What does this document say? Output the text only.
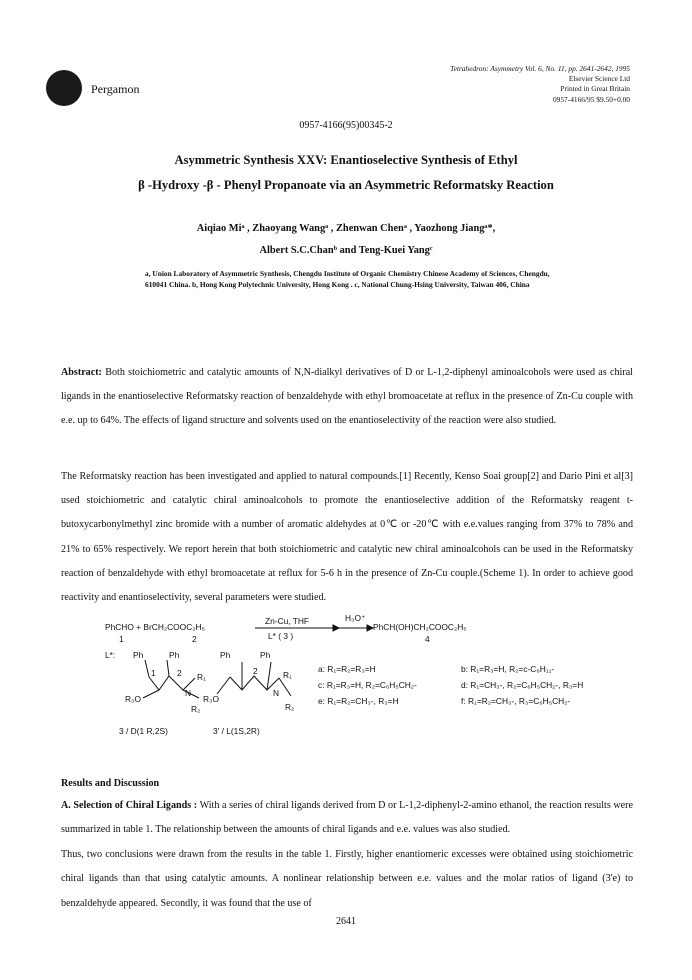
Pergamon
Tetrahedron: Asymmetry Vol. 6, No. 11, pp. 2641-2642, 1995
Elsevier Science Ltd
Printed in Great Britain
0957-4166/95 $9.50+0.00
0957-4166(95)00345-2
Asymmetric Synthesis XXV: Enantioselective Synthesis of Ethyl
β -Hydroxy -β - Phenyl Propanoate via an Asymmetric Reformatsky Reaction
Aiqiao Miᵃ , Zhaoyang Wangᵃ , Zhenwan Chenᵃ , Yaozhong Jiangᵃ*,
Albert S.C.Chanᵇ and Teng-Kuei Yangᶜ
a, Union Laboratory of Asymmetric Synthesis, Chengdu Institute of Organic Chemistry Chinese Academy of Sciences, Chengdu, 610041 China. b, Hong Kong Polytechnic University, Hong Kong . c, National Chung-Hsing University, Taiwan 406, China
Abstract: Both stoichiometric and catalytic amounts of N,N-dialkyl derivatives of D or L-1,2-diphenyl aminoalcohols were used as chiral ligands in the enantioselective Reformatsky reaction of benzaldehyde with ethyl bromoacetate at reflux in the presence of Zn-Cu couple with e.e. up to 64%. The effects of ligand structure and solvents used on the enantioselectivity of the reaction were also studied.
The Reformatsky reaction has been investigated and applied to natural compounds.[1] Recently, Kenso Soai group[2] and Dario Pini et al[3] used stoichiometric and catalytic chiral aminoalcohols to promote the enantioselective addition of the Reformatsky reagent t-butoxycarbonylmethyl zinc bromide with a number of aromatic aldehydes at 0℃ or -20℃ with e.e.values ranging from 37% to 78% and 21% to 65% respectively. We report herein that both stoichiometric and catalytic new chiral aminoalcohols can be used in the Reformatsky reaction of benzaldehyde with ethyl bromoacetate at reflux for 5-6 h in the presence of Zn-Cu couple.(Scheme 1). In order to achieve good reactivity and enantioselectivity, several parameters were studied.
PhCHO + BrCH₂COOC₂H₅
1	2
Zn-Cu, THF
L* ( 3 )
H₃O⁺
PhCH(OH)CH₂COOC₂H₅
4
L*: Ph	Ph	Ph	Ph
1	2	2
R₁	R₁
R₃O	R₃O
N	N
R₂	R₂
3 / D(1 R,2S)	3' / L(1S,2R)
a: R₁=R₂=R₃=H
c: R₁=R₃=H, R₂=C₆H₅CH₂-
e: R₁=R₂=CH₃-, R₃=H
b: R₁=R₃=H, R₂=c-C₆H₁₁-
d: R₁=CH₃-, R₂=C₆H₅CH₂-, R₃=H
f: R₁=R₂=CH₃-, R₃=C₆H₅CH₂-
Results and Discussion
A. Selection of Chiral Ligands : With a series of chiral ligands derived from D or L-1,2-diphenyl-2-amino ethanol, the reaction results were summarized in table 1. The relationship between the amounts of chiral ligands and e.e. values was also studied.
Thus, two conclusions were drawn from the results in the table 1. Firstly, higher enantiomeric excesses were obtained using stoichiometric chiral ligands than that using catalytic amounts. A nonlinear relationship between e.e. values and the molar ratios of ligand (3'e) to benzaldehyde appeared. Secondly, it was found that the use of
2641
